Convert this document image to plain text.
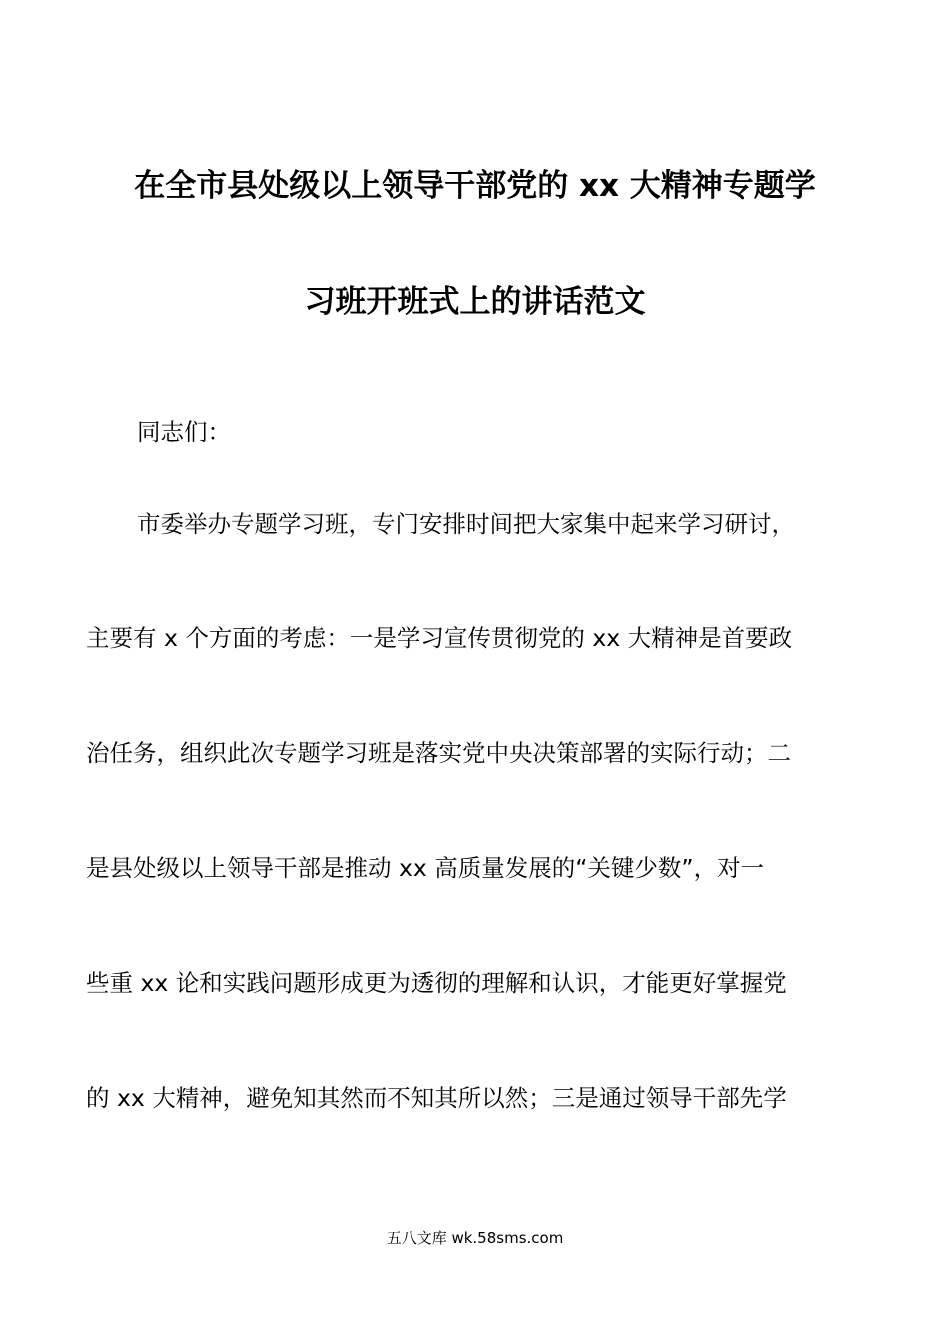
在全市县处级以上领导干部党的 xx 大精神专题学
习班开班式上的讲话范文
同志们：
市委举办专题学习班，专门安排时间把大家集中起来学习研讨，
主要有 x 个方面的考虑：一是学习宣传贯彻党的 xx 大精神是首要政
治任务，组织此次专题学习班是落实党中央决策部署的实际行动；二
是县处级以上领导干部是推动 xx 高质量发展的“关键少数”，对一
些重 xx 论和实践问题形成更为透彻的理解和认识，才能更好掌握党
的 xx 大精神，避免知其然而不知其所以然；三是通过领导干部先学
五八文库 wk.58sms.com
